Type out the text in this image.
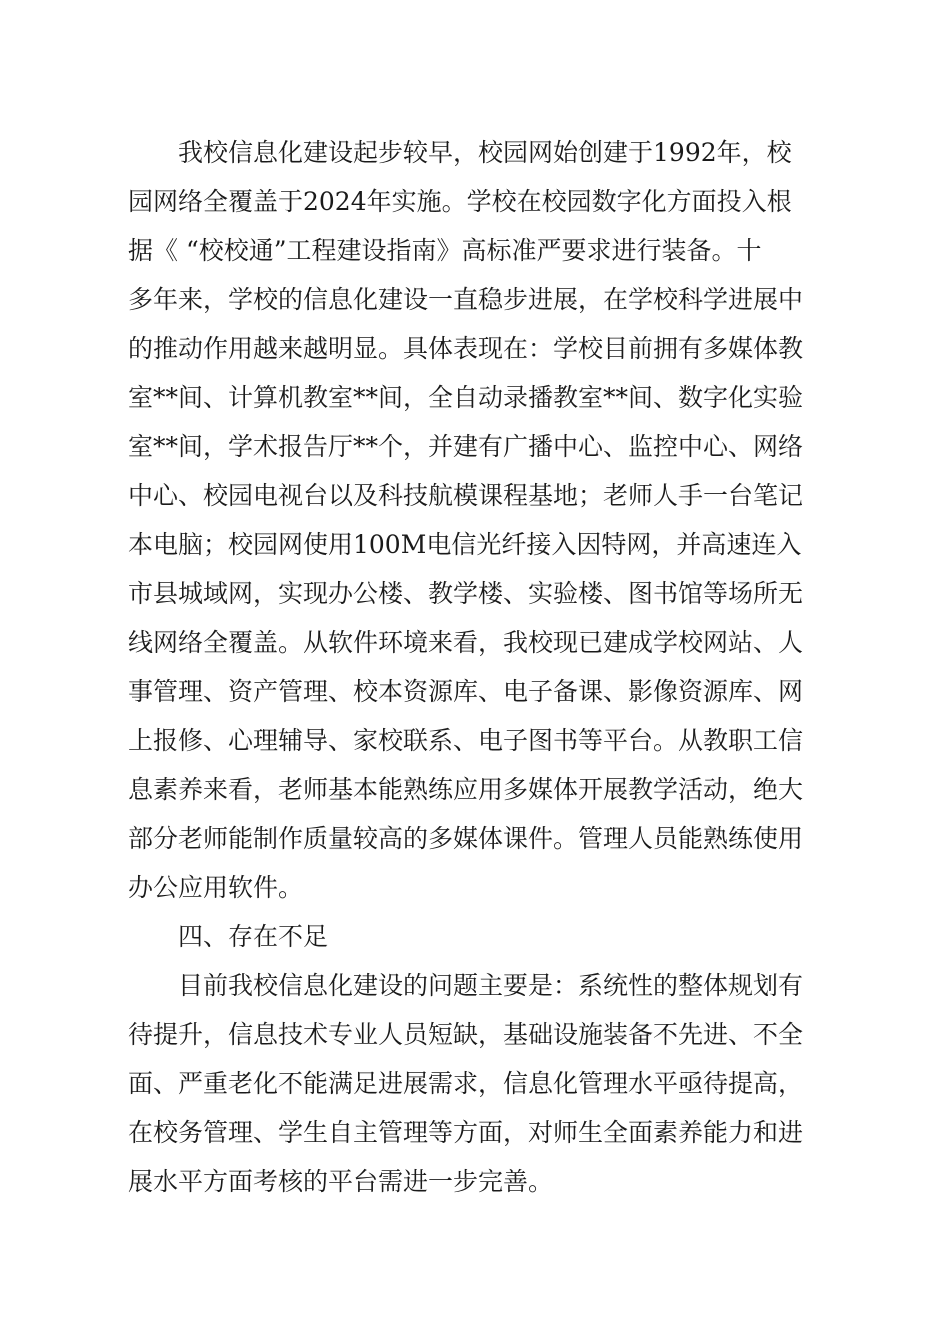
我校信息化建设起步较早，校园网始创建于1992年，校
园网络全覆盖于2024年实施。学校在校园数字化方面投入根
据《 “校校通”工程建设指南》高标准严要求进行装备。十
多年来，学校的信息化建设一直稳步进展，在学校科学进展中
的推动作用越来越明显。具体表现在：学校目前拥有多媒体教
室**间、计算机教室**间，全自动录播教室**间、数字化实验
室**间，学术报告厅**个，并建有广播中心、监控中心、网络
中心、校园电视台以及科技航模课程基地；老师人手一台笔记
本电脑；校园网使用100M电信光纤接入因特网，并高速连入
市县城域网，实现办公楼、教学楼、实验楼、图书馆等场所无
线网络全覆盖。从软件环境来看，我校现已建成学校网站、人
事管理、资产管理、校本资源库、电子备课、影像资源库、网
上报修、心理辅导、家校联系、电子图书等平台。从教职工信
息素养来看，老师基本能熟练应用多媒体开展教学活动，绝大
部分老师能制作质量较高的多媒体课件。管理人员能熟练使用
办公应用软件。
四、存在不足
目前我校信息化建设的问题主要是：系统性的整体规划有
待提升，信息技术专业人员短缺，基础设施装备不先进、不全
面、严重老化不能满足进展需求，信息化管理水平亟待提高，
在校务管理、学生自主管理等方面，对师生全面素养能力和进
展水平方面考核的平台需进一步完善。
